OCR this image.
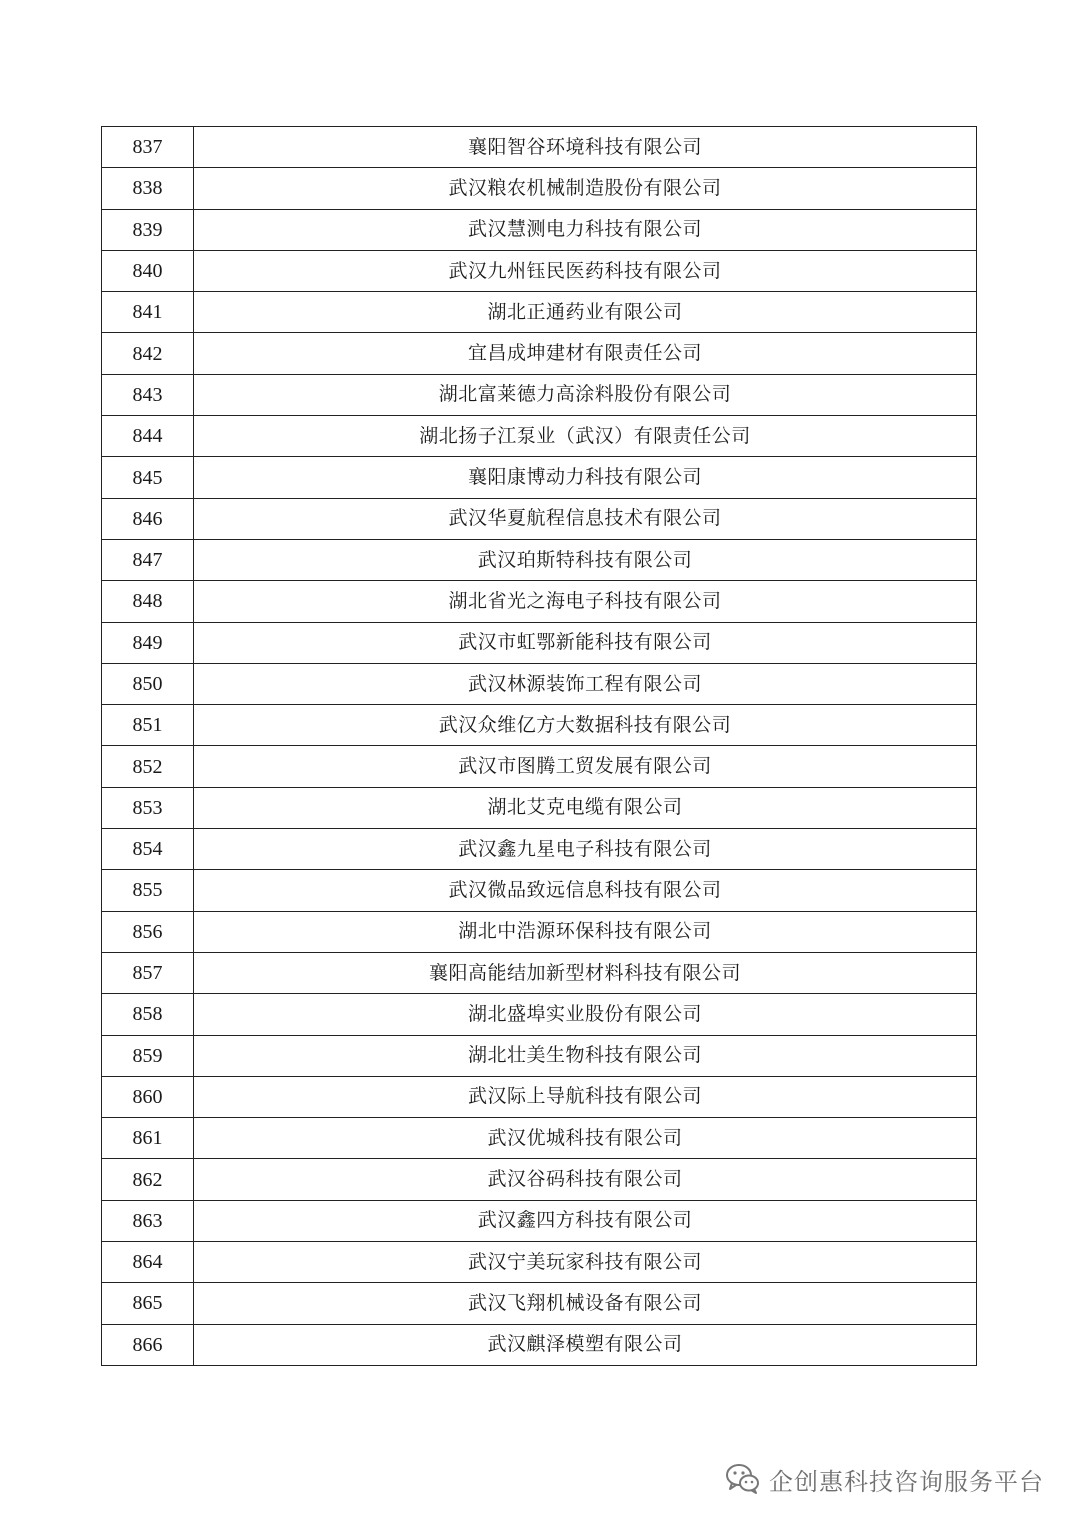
837	襄阳智谷环境科技有限公司
838	武汉粮农机械制造股份有限公司
839	武汉慧测电力科技有限公司
840	武汉九州钰民医药科技有限公司
841	湖北正通药业有限公司
842	宜昌成坤建材有限责任公司
843	湖北富莱德力高涂料股份有限公司
844	湖北扬子江泵业（武汉）有限责任公司
845	襄阳康博动力科技有限公司
846	武汉华夏航程信息技术有限公司
847	武汉珀斯特科技有限公司
848	湖北省光之海电子科技有限公司
849	武汉市虹鄂新能科技有限公司
850	武汉林源装饰工程有限公司
851	武汉众维亿方大数据科技有限公司
852	武汉市图腾工贸发展有限公司
853	湖北艾克电缆有限公司
854	武汉鑫九星电子科技有限公司
855	武汉微品致远信息科技有限公司
856	湖北中浩源环保科技有限公司
857	襄阳高能结加新型材料科技有限公司
858	湖北盛埠实业股份有限公司
859	湖北壮美生物科技有限公司
860	武汉际上导航科技有限公司
861	武汉优城科技有限公司
862	武汉谷码科技有限公司
863	武汉鑫四方科技有限公司
864	武汉宁美玩家科技有限公司
865	武汉飞翔机械设备有限公司
866	武汉麒泽模塑有限公司
企创惠科技咨询服务平台
